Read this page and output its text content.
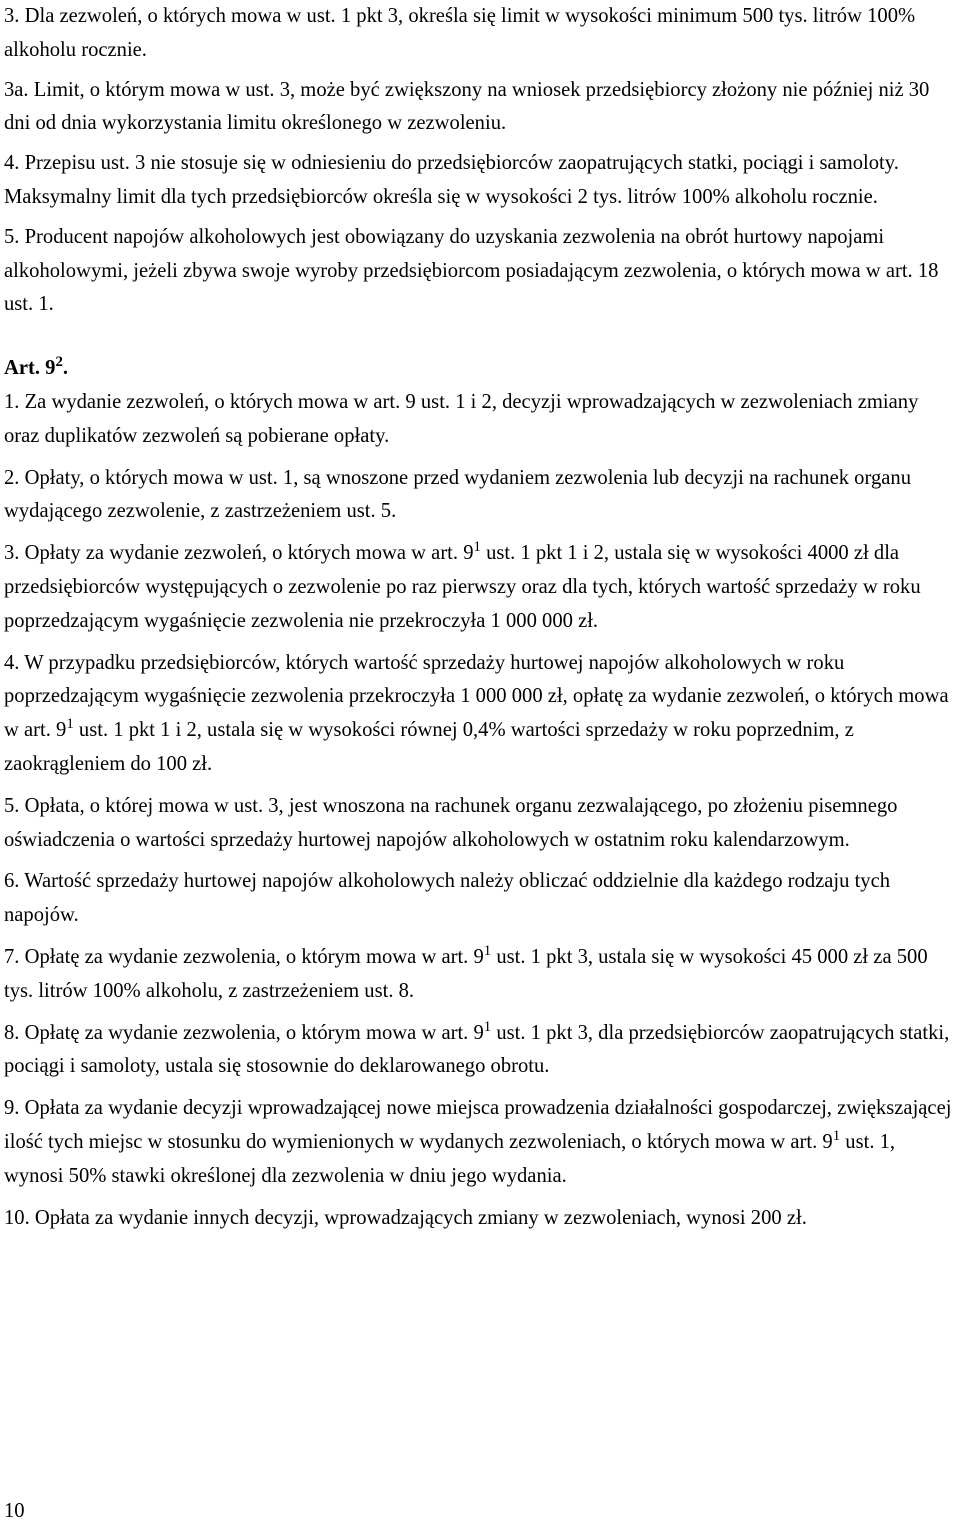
3. Dla zezwoleń, o których mowa w ust. 1 pkt 3, określa się limit w wysokości minimum 500 tys. litrów 100% alkoholu rocznie.

3a. Limit, o którym mowa w ust. 3, może być zwiększony na wniosek przedsiębiorcy złożony nie później niż 30 dni od dnia wykorzystania limitu określonego w zezwoleniu.

4. Przepisu ust. 3 nie stosuje się w odniesieniu do przedsiębiorców zaopatrujących statki, pociągi i samoloty. Maksymalny limit dla tych przedsiębiorców określa się w wysokości 2 tys. litrów 100% alkoholu rocznie.

5. Producent napojów alkoholowych jest obowiązany do uzyskania zezwolenia na obrót hurtowy napojami alkoholowymi, jeżeli zbywa swoje wyroby przedsiębiorcom posiadającym zezwolenia, o których mowa w art. 18 ust. 1.

Art. $9^2$.

1. Za wydanie zezwoleń, o których mowa w art. 9 ust. 1 i 2, decyzji wprowadzających w zezwoleniach zmiany oraz duplikatów zezwoleń są pobierane opłaty.

2. Opłaty, o których mowa w ust. 1, są wnoszone przed wydaniem zezwolenia lub decyzji na rachunek organu wydającego zezwolenie, z zastrzeżeniem ust. 5.

3. Opłaty za wydanie zezwoleń, o których mowa w art. $9^1$ ust. 1 pkt 1 i 2, ustala się w wysokości 4000 zł dla przedsiębiorców występujących o zezwolenie po raz pierwszy oraz dla tych, których wartość sprzedaży w roku poprzedzającym wygaśnięcie zezwolenia nie przekroczyła 1 000 000 zł.

4. W przypadku przedsiębiorców, których wartość sprzedaży hurtowej napojów alkoholowych w roku poprzedzającym wygaśnięcie zezwolenia przekroczyła 1 000 000 zł, opłatę za wydanie zezwoleń, o których mowa w art. $9^1$ ust. 1 pkt 1 i 2, ustala się w wysokości równej 0,4% wartości sprzedaży w roku poprzednim, z zaokrągleniem do 100 zł.

5. Opłata, o której mowa w ust. 3, jest wnoszona na rachunek organu zezwalającego, po złożeniu pisemnego oświadczenia o wartości sprzedaży hurtowej napojów alkoholowych w ostatnim roku kalendarzowym.

6. Wartość sprzedaży hurtowej napojów alkoholowych należy obliczać oddzielnie dla każdego rodzaju tych napojów.

7. Opłatę za wydanie zezwolenia, o którym mowa w art. $9^1$ ust. 1 pkt 3, ustala się w wysokości 45 000 zł za 500 tys. litrów 100% alkoholu, z zastrzeżeniem ust. 8.

8. Opłatę za wydanie zezwolenia, o którym mowa w art. $9^1$ ust. 1 pkt 3, dla przedsiębiorców zaopatrujących statki, pociągi i samoloty, ustala się stosownie do deklarowanego obrotu.

9. Opłata za wydanie decyzji wprowadzającej nowe miejsca prowadzenia działalności gospodarczej, zwiększającej ilość tych miejsc w stosunku do wymienionych w wydanych zezwoleniach, o których mowa w art. $9^1$ ust. 1, wynosi 50% stawki określonej dla zezwolenia w dniu jego wydania.

10. Opłata za wydanie innych decyzji, wprowadzających zmiany w zezwoleniach, wynosi 200 zł.

10
